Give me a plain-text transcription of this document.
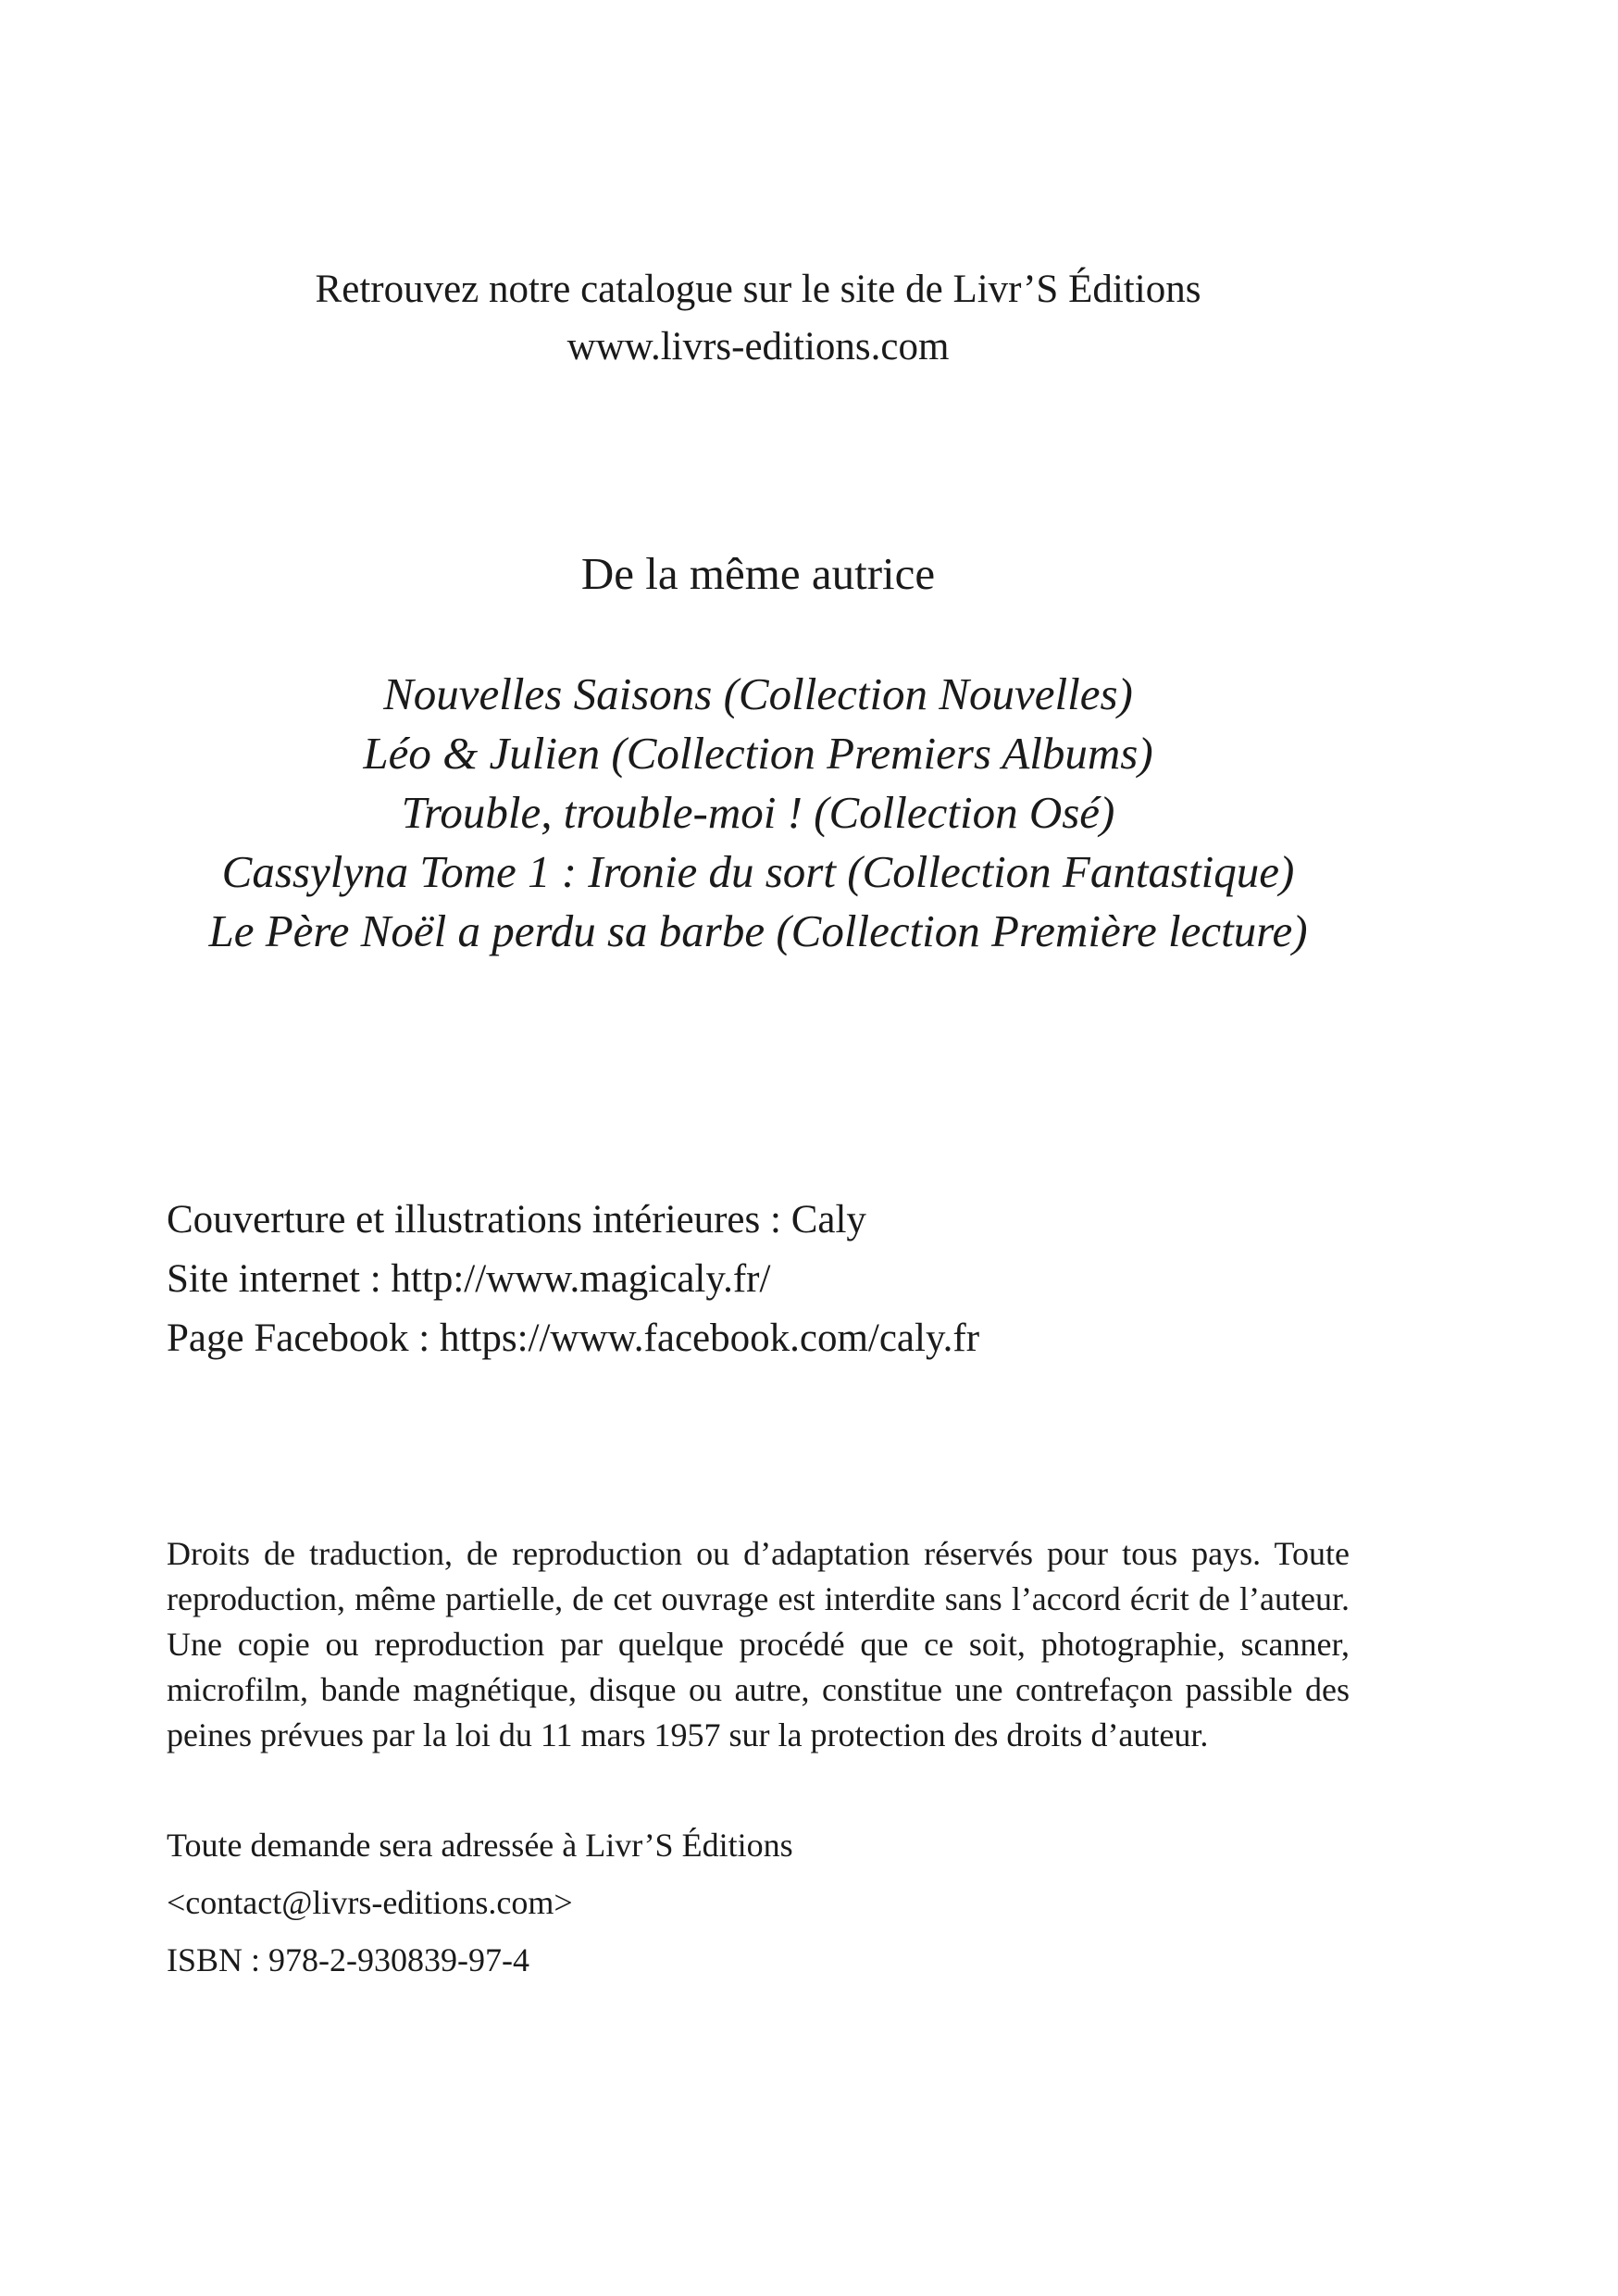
Retrouvez notre catalogue sur le site de Livr’S Éditions
www.livrs-editions.com
De la même autrice
Nouvelles Saisons (Collection Nouvelles)
Léo & Julien (Collection Premiers Albums)
Trouble, trouble-moi ! (Collection Osé)
Cassylyna Tome 1 : Ironie du sort (Collection Fantastique)
Le Père Noël a perdu sa barbe (Collection Première lecture)
Couverture et illustrations intérieures : Caly
Site internet : http://www.magicaly.fr/
Page Facebook : https://www.facebook.com/caly.fr
Droits de traduction, de reproduction ou d’adaptation réservés pour tous pays. Toute reproduction, même partielle, de cet ouvrage est interdite sans l’accord écrit de l’auteur. Une copie ou reproduction par quelque procédé que ce soit, photographie, scanner, microfilm, bande magnétique, disque ou autre, constitue une contrefaçon passible des peines prévues par la loi du 11 mars 1957 sur la protection des droits d’auteur.
Toute demande sera adressée à Livr’S Éditions
<contact@livrs-editions.com>
ISBN : 978-2-930839-97-4
